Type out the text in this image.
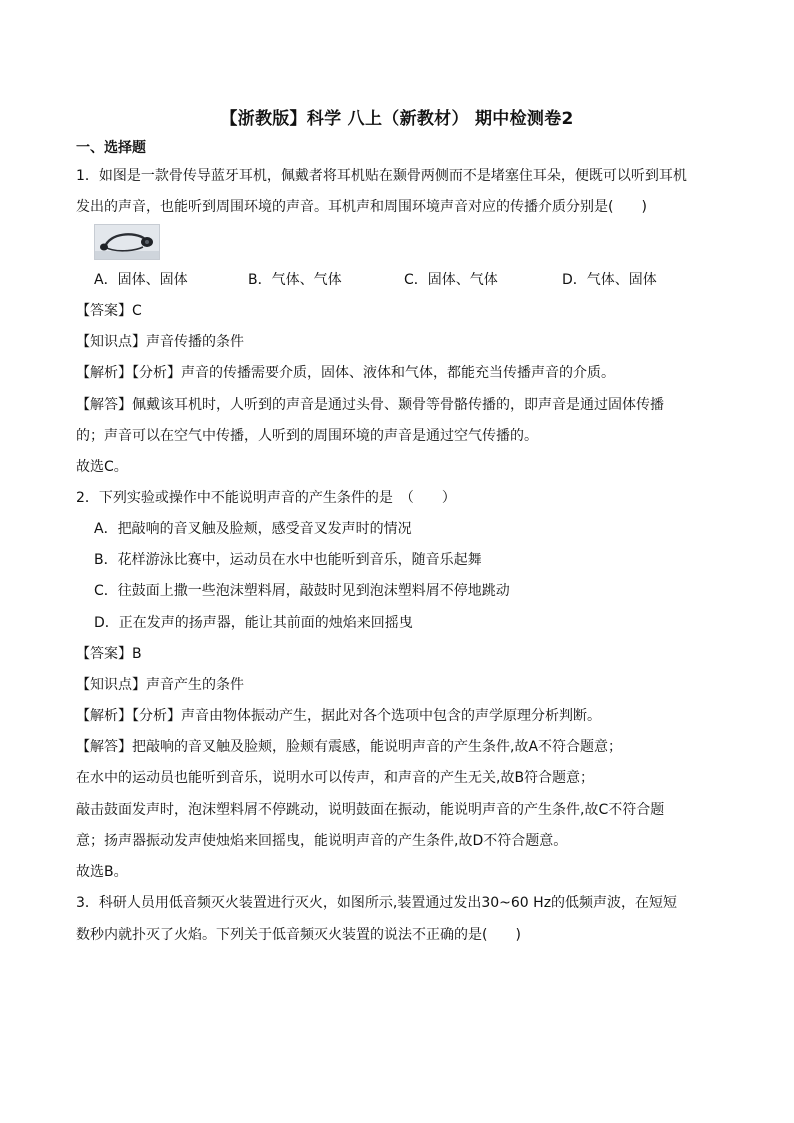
【浙教版】科学 八上（新教材） 期中检测卷2
一、选择题
1．如图是一款骨传导蓝牙耳机，佩戴者将耳机贴在颞骨两侧而不是堵塞住耳朵，便既可以听到耳机
发出的声音，也能听到周围环境的声音。耳机声和周围环境声音对应的传播介质分别是(　　)
A．固体、固体	B．气体、气体	C．固体、气体	D．气体、固体
【答案】C
【知识点】声音传播的条件
【解析】【分析】声音的传播需要介质，固体、液体和气体，都能充当传播声音的介质。
【解答】佩戴该耳机时，人听到的声音是通过头骨、颞骨等骨骼传播的，即声音是通过固体传播
的；声音可以在空气中传播，人听到的周围环境的声音是通过空气传播的。
故选C。
2．下列实验或操作中不能说明声音的产生条件的是　（　　）
A．把敲响的音叉触及脸颊，感受音叉发声时的情况
B．花样游泳比赛中，运动员在水中也能听到音乐，随音乐起舞
C．往鼓面上撒一些泡沫塑料屑，敲鼓时见到泡沫塑料屑不停地跳动
D．正在发声的扬声器，能让其前面的烛焰来回摇曳
【答案】B
【知识点】声音产生的条件
【解析】【分析】声音由物体振动产生，据此对各个选项中包含的声学原理分析判断。
【解答】把敲响的音叉触及脸颊，脸颊有震感，能说明声音的产生条件,故A不符合题意；
在水中的运动员也能听到音乐，说明水可以传声，和声音的产生无关,故B符合题意；
敲击鼓面发声时，泡沫塑料屑不停跳动，说明鼓面在振动，能说明声音的产生条件,故C不符合题
意；扬声器振动发声使烛焰来回摇曳，能说明声音的产生条件,故D不符合题意。
故选B。
3．科研人员用低音频灭火装置进行灭火，如图所示,装置通过发出30~60 Hz的低频声波，在短短
数秒内就扑灭了火焰。下列关于低音频灭火装置的说法不正确的是(　　)
